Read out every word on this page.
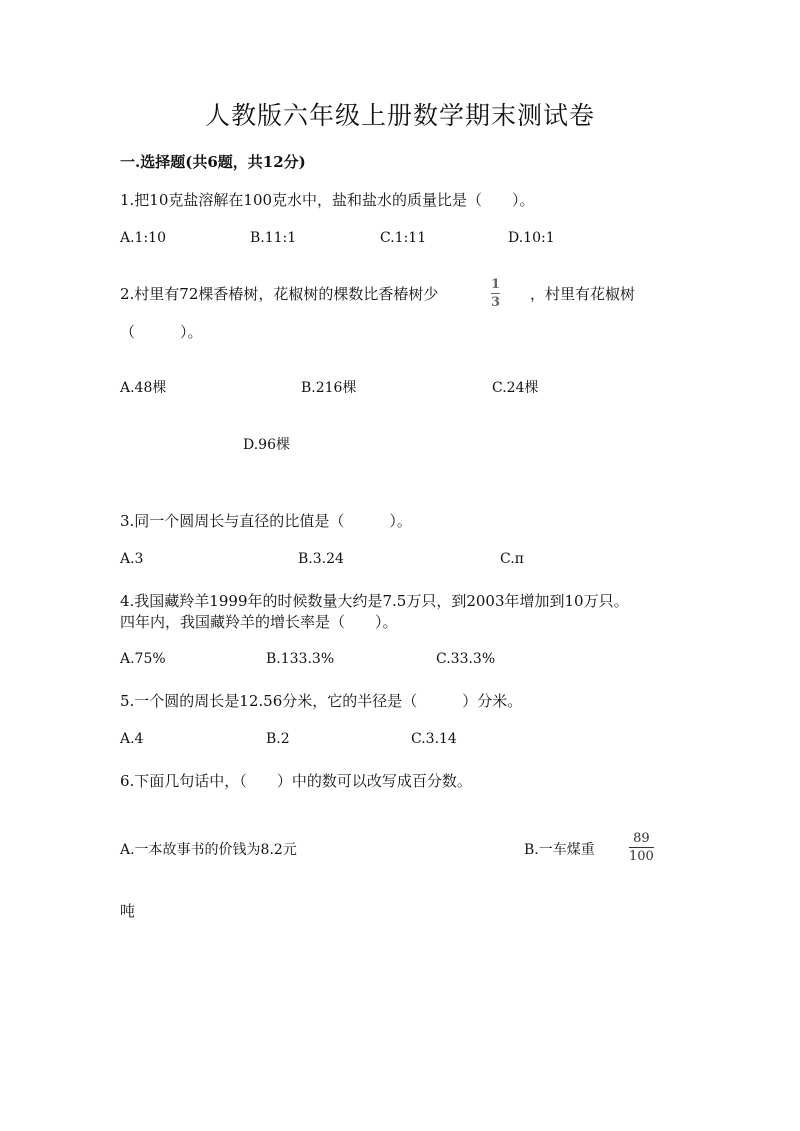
人教版六年级上册数学期末测试卷
一.选择题(共6题，共12分)
1.把10克盐溶解在100克水中，盐和盐水的质量比是（　　）。
A.1:10	B.11:1	C.1:11	D.10:1
2.村里有72棵香椿树，花椒树的棵数比香椿树少
1
3 ，村里有花椒树
（　　　）。
A.48棵	B.216棵	C.24棵
D.96棵
3.同一个圆周长与直径的比值是（　　　）。
A.3	B.3.24	C.π
4.我国藏羚羊1999年的时候数量大约是7.5万只，到2003年增加到10万只。
四年内，我国藏羚羊的增长率是（　　）。
A.75%	B.133.3%	C.33.3%
5.一个圆的周长是12.56分米，它的半径是（　　　）分米。
A.4	B.2	C.3.14
6.下面几句话中，（　　）中的数可以改写成百分数。
A.一本故事书的价钱为8.2元	B.一车煤重
89
100
吨
